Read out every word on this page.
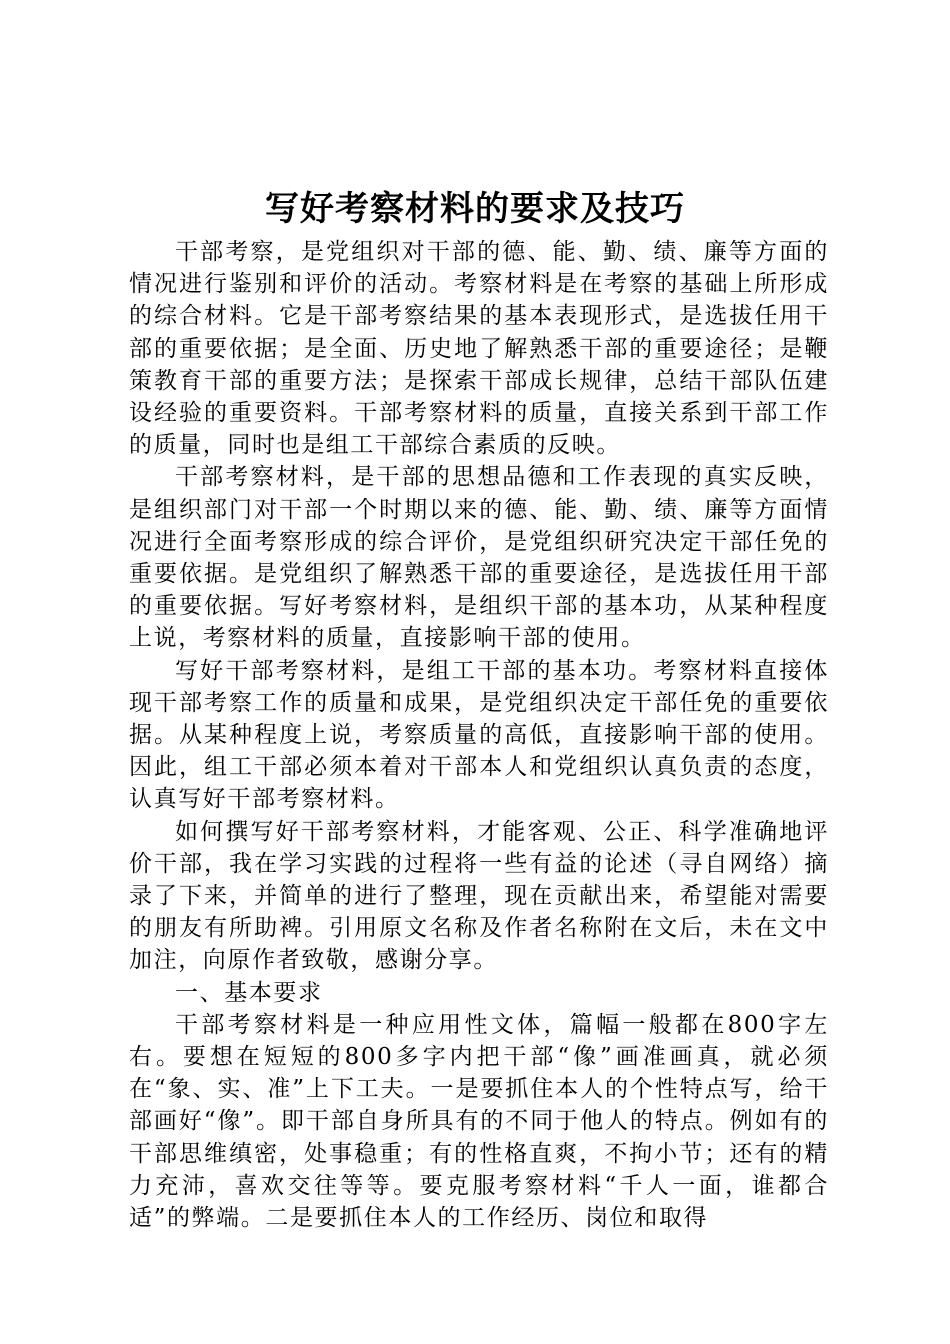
写好考察材料的要求及技巧

干部考察，是党组织对干部的德、能、勤、绩、廉等方面的情况进行鉴别和评价的活动。考察材料是在考察的基础上所形成的综合材料。它是干部考察结果的基本表现形式，是选拔任用干部的重要依据；是全面、历史地了解熟悉干部的重要途径；是鞭策教育干部的重要方法；是探索干部成长规律，总结干部队伍建设经验的重要资料。干部考察材料的质量，直接关系到干部工作的质量，同时也是组工干部综合素质的反映。

干部考察材料，是干部的思想品德和工作表现的真实反映，是组织部门对干部一个时期以来的德、能、勤、绩、廉等方面情况进行全面考察形成的综合评价，是党组织研究决定干部任免的重要依据。是党组织了解熟悉干部的重要途径，是选拔任用干部的重要依据。写好考察材料，是组织干部的基本功，从某种程度上说，考察材料的质量，直接影响干部的使用。

写好干部考察材料，是组工干部的基本功。考察材料直接体现干部考察工作的质量和成果，是党组织决定干部任免的重要依据。从某种程度上说，考察质量的高低，直接影响干部的使用。因此，组工干部必须本着对干部本人和党组织认真负责的态度，认真写好干部考察材料。

如何撰写好干部考察材料，才能客观、公正、科学准确地评价干部，我在学习实践的过程将一些有益的论述（寻自网络）摘录了下来，并简单的进行了整理，现在贡献出来，希望能对需要的朋友有所助裨。引用原文名称及作者名称附在文后，未在文中加注，向原作者致敬，感谢分享。

一、基本要求

干部考察材料是一种应用性文体，篇幅一般都在800字左右。要想在短短的800多字内把干部“像”画准画真，就必须在“象、实、准”上下工夫。一是要抓住本人的个性特点写，给干部画好“像”。即干部自身所具有的不同于他人的特点。例如有的干部思维缜密，处事稳重；有的性格直爽，不拘小节；还有的精力充沛，喜欢交往等等。要克服考察材料“千人一面，谁都合适”的弊端。二是要抓住本人的工作经历、岗位和取得
